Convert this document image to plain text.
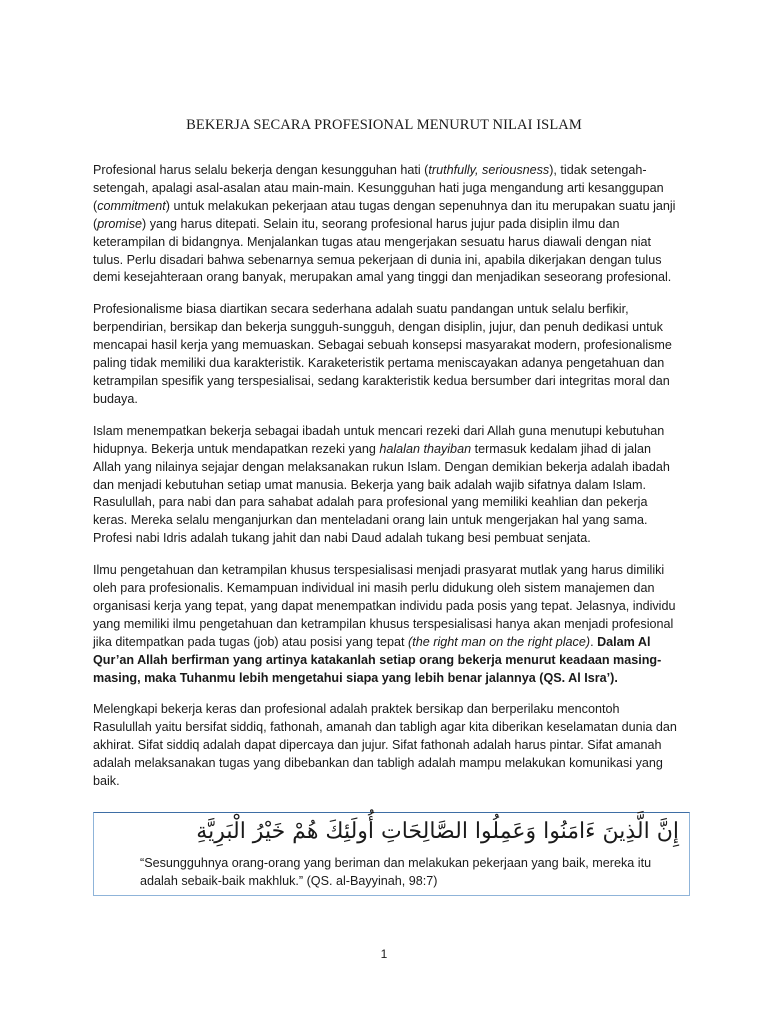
BEKERJA SECARA PROFESIONAL MENURUT NILAI ISLAM

Profesional harus selalu bekerja dengan kesungguhan hati (truthfully, seriousness), tidak setengah-setengah, apalagi asal-asalan atau main-main. Kesungguhan hati juga mengandung arti kesanggupan (commitment) untuk melakukan pekerjaan atau tugas dengan sepenuhnya dan itu merupakan suatu janji (promise) yang harus ditepati. Selain itu, seorang profesional harus jujur pada disiplin ilmu dan keterampilan di bidangnya. Menjalankan tugas atau mengerjakan sesuatu harus diawali dengan niat tulus. Perlu disadari bahwa sebenarnya semua pekerjaan di dunia ini, apabila dikerjakan dengan tulus demi kesejahteraan orang banyak, merupakan amal yang tinggi dan menjadikan seseorang profesional.

Profesionalisme biasa diartikan secara sederhana adalah suatu pandangan untuk selalu berfikir, berpendirian, bersikap dan bekerja sungguh-sungguh, dengan disiplin, jujur, dan penuh dedikasi untuk mencapai hasil kerja yang memuaskan. Sebagai sebuah konsepsi masyarakat modern, profesionalisme paling tidak memiliki dua karakteristik. Karaketeristik pertama meniscayakan adanya pengetahuan dan ketrampilan spesifik yang terspesialisai, sedang karakteristik kedua bersumber dari integritas moral dan budaya.

Islam menempatkan bekerja sebagai ibadah untuk mencari rezeki dari Allah guna menutupi kebutuhan hidupnya. Bekerja untuk mendapatkan rezeki yang halalan thayiban termasuk kedalam jihad di jalan Allah yang nilainya sejajar dengan melaksanakan rukun Islam. Dengan demikian bekerja adalah ibadah dan menjadi kebutuhan setiap umat manusia. Bekerja yang baik adalah wajib sifatnya dalam Islam. Rasulullah, para nabi dan para sahabat adalah para profesional yang memiliki keahlian dan pekerja keras. Mereka selalu menganjurkan dan menteladani orang lain untuk mengerjakan hal yang sama. Profesi nabi Idris adalah tukang jahit dan nabi Daud adalah tukang besi pembuat senjata.

Ilmu pengetahuan dan ketrampilan khusus terspesialisasi menjadi prasyarat mutlak yang harus dimiliki oleh para profesionalis. Kemampuan individual ini masih perlu didukung oleh sistem manajemen dan organisasi kerja yang tepat, yang dapat menempatkan individu pada posis yang tepat. Jelasnya, individu yang memiliki ilmu pengetahuan dan ketrampilan khusus terspesialisasi hanya akan menjadi profesional jika ditempatkan pada tugas (job) atau posisi yang tepat (the right man on the right place). Dalam Al Qur’an Allah berfirman yang artinya katakanlah setiap orang bekerja menurut keadaan masing-masing, maka Tuhanmu lebih mengetahui siapa yang lebih benar jalannya (QS. Al Isra’).

Melengkapi bekerja keras dan profesional adalah praktek bersikap dan berperilaku mencontoh Rasulullah yaitu bersifat siddiq, fathonah, amanah dan tabligh agar kita diberikan keselamatan dunia dan akhirat. Sifat siddiq adalah dapat dipercaya dan jujur. Sifat fathonah adalah harus pintar. Sifat amanah adalah melaksanakan tugas yang dibebankan dan tabligh adalah mampu melakukan komunikasi yang baik.

إِنَّ الَّذِينَ ءَامَنُوا وَعَمِلُوا الصَّالِحَاتِ أُولَئِكَ هُمْ خَيْرُ الْبَرِيَّةِ
“Sesungguhnya orang-orang yang beriman dan melakukan pekerjaan yang baik, mereka itu adalah sebaik-baik makhluk.” (QS. al-Bayyinah, 98:7)
1
